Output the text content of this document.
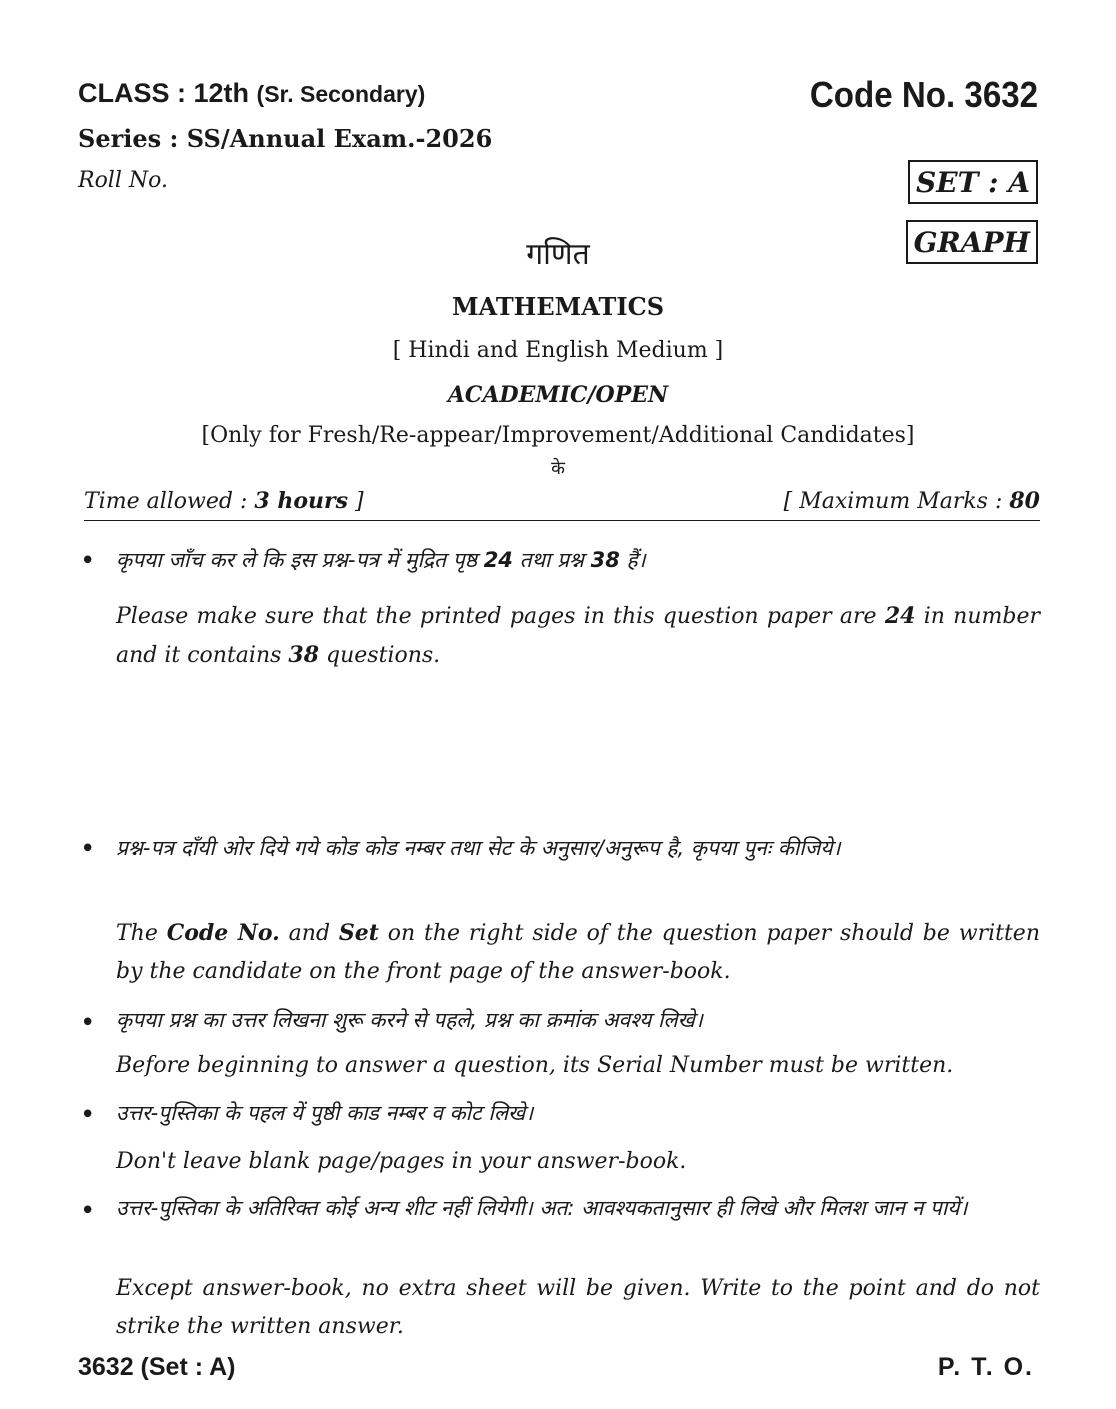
CLASS : 12th (Sr. Secondary)	Code No. 3632
Series : SS/Annual Exam.-2026
Roll No.	SET : A
GRAPH
गणित
MATHEMATICS
[ Hindi and English Medium ]
ACADEMIC/OPEN
[Only for Fresh/Re-appear/Improvement/Additional Candidates]
के
Time allowed : 3 hours ]	[ Maximum Marks : 80
• कृपया जाँच कर ले कि इस प्रश्न-पत्र में मुद्रित पृष्ठ 24 तथा प्रश्न 38 हैं।
Please make sure that the printed pages in this question paper are 24 in number and it contains 38 questions.
• प्रश्न-पत्र दाँयी ओर दिये गये कोड कोड नम्बर तथा सेट के अनुसार/अनुरूप है, कृपया पुनः कीजिये।
The Code No. and Set on the right side of the question paper should be written by the candidate on the front page of the answer-book.
• कृपया प्रश्न का उत्तर लिखना शुरू करने से पहले, प्रश्न का क्रमांक अवश्य लिखे।
Before beginning to answer a question, its Serial Number must be written.
• उत्तर-पुस्तिका के पहल यें पुष्ठी काड नम्बर व कोट लिखे।
Don't leave blank page/pages in your answer-book.
• उत्तर-पुस्तिका के अतिरिक्त कोई अन्य शीट नहीं लियेगी। अत: आवश्यकतानुसार ही लिखे और मिलश जान न पायें।
Except answer-book, no extra sheet will be given. Write to the point and do not strike the written answer.
3632 (Set : A)	P. T. O.
